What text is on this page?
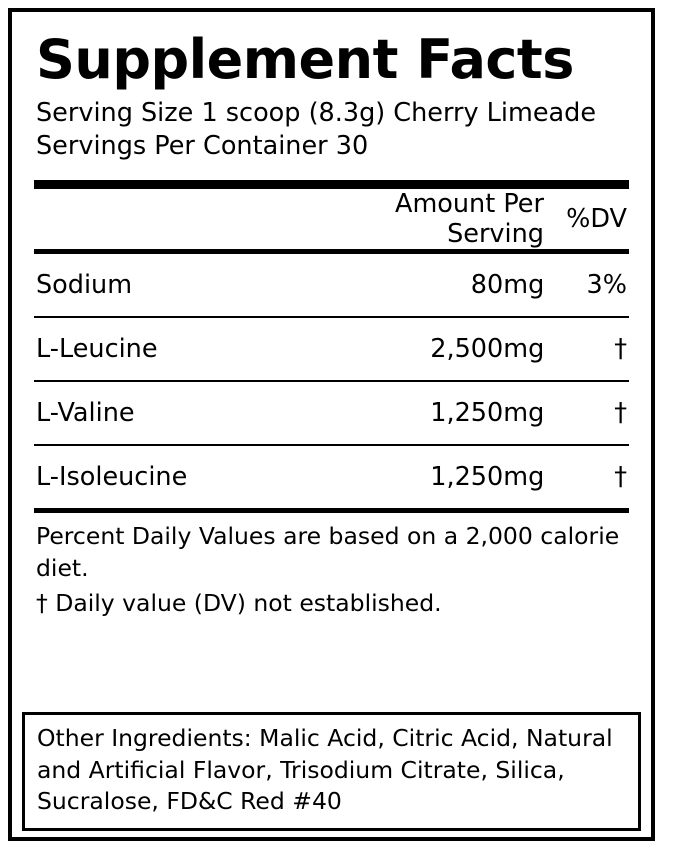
Supplement Facts
Serving Size 1 scoop (8.3g) Cherry Limeade
Servings Per Container 30
	Amount Per Serving	%DV
Sodium	80mg	3%

L-Leucine	2,500mg	†

L-Valine	1,250mg	†

L-Isoleucine	1,250mg	†
Percent Daily Values are based on a 2,000 calorie diet.
† Daily value (DV) not established.
Other Ingredients: Malic Acid, Citric Acid, Natural and Artificial Flavor, Trisodium Citrate, Silica, Sucralose, FD&C Red #40
